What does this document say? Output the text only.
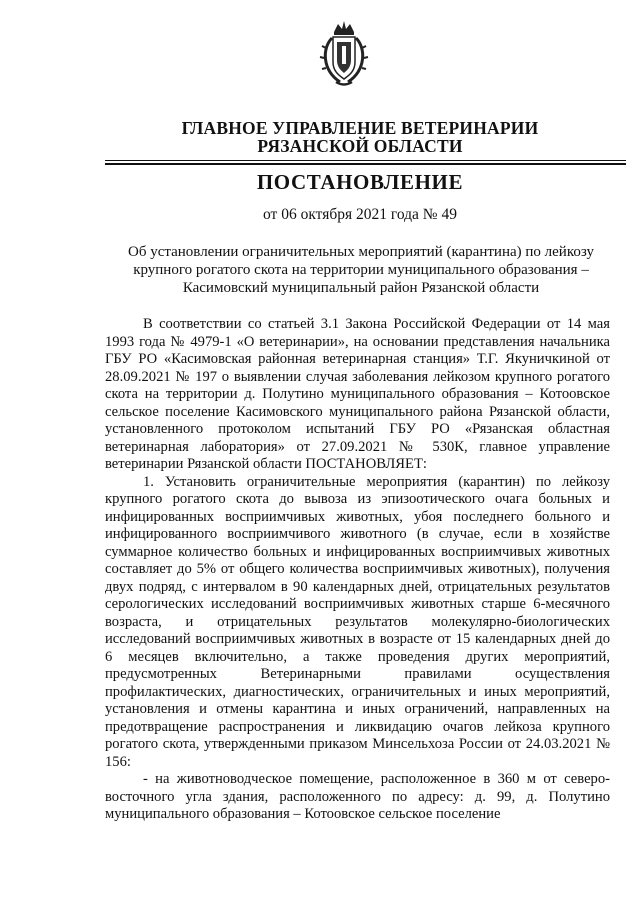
ГЛАВНОЕ УПРАВЛЕНИЕ ВЕТЕРИНАРИИ
РЯЗАНСКОЙ ОБЛАСТИ
ПОСТАНОВЛЕНИЕ
от 06 октября 2021 года № 49
Об установлении ограничительных мероприятий (карантина) по лейкозу крупного рогатого скота на территории муниципального образования – Касимовский муниципальный район Рязанской области

В соответствии со статьей 3.1 Закона Российской Федерации от 14 мая 1993 года № 4979-1 «О ветеринарии», на основании представления начальника ГБУ РО «Касимовская районная ветеринарная станция» Т.Г. Якуничкиной от 28.09.2021 № 197 о выявлении случая заболевания лейкозом крупного рогатого скота на территории д. Полутино муниципального образования – Котоовское сельское поселение Касимовского муниципального района Рязанской области, установленного протоколом испытаний ГБУ РО «Рязанская областная ветеринарная лаборатория» от 27.09.2021 № 530К, главное управление ветеринарии Рязанской области ПОСТАНОВЛЯЕТ:

1. Установить ограничительные мероприятия (карантин) по лейкозу крупного рогатого скота до вывоза из эпизоотического очага больных и инфицированных восприимчивых животных, убоя последнего больного и инфицированного восприимчивого животного (в случае, если в хозяйстве суммарное количество больных и инфицированных восприимчивых животных составляет до 5% от общего количества восприимчивых животных), получения двух подряд, с интервалом в 90 календарных дней, отрицательных результатов серологических исследований восприимчивых животных старше 6-месячного возраста, и отрицательных результатов молекулярно-биологических исследований восприимчивых животных в возрасте от 15 календарных дней до 6 месяцев включительно, а также проведения других мероприятий, предусмотренных Ветеринарными правилами осуществления профилактических, диагностических, ограничительных и иных мероприятий, установления и отмены карантина и иных ограничений, направленных на предотвращение распространения и ликвидацию очагов лейкоза крупного рогатого скота, утвержденными приказом Минсельхоза России от 24.03.2021 № 156:

- на животноводческое помещение, расположенное в 360 м от северо-восточного угла здания, расположенного по адресу: д. 99, д. Полутино муниципального образования – Котоовское сельское поселение
